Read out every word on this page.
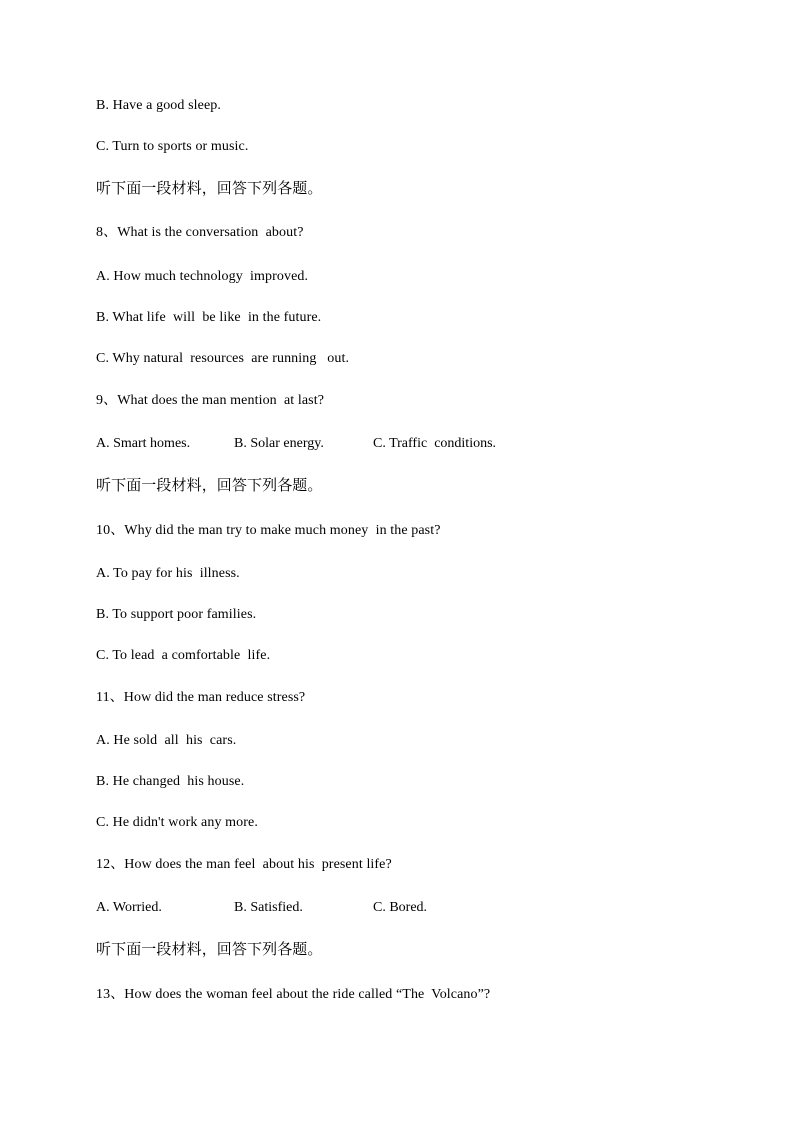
B. Have a good sleep.
C. Turn to sports or music.
听下面一段材料，回答下列各题。
8、What is the conversation  about?
A. How much technology  improved.
B. What life  will  be like  in the future.
C. Why natural  resources  are running   out.
9、What does the man mention  at last?
A. Smart homes.	B. Solar energy.	C. Traffic  conditions.
听下面一段材料，回答下列各题。
10、Why did the man try to make much money  in the past?
A. To pay for his  illness.
B. To support poor families.
C. To lead  a comfortable  life.
11、How did the man reduce stress?
A. He sold  all  his  cars.
B. He changed  his house.
C. He didn't work any more.
12、How does the man feel  about his  present life?
A. Worried.	B. Satisfied.	C. Bored.
听下面一段材料，回答下列各题。
13、How does the woman feel about the ride called “The  Volcano”?
